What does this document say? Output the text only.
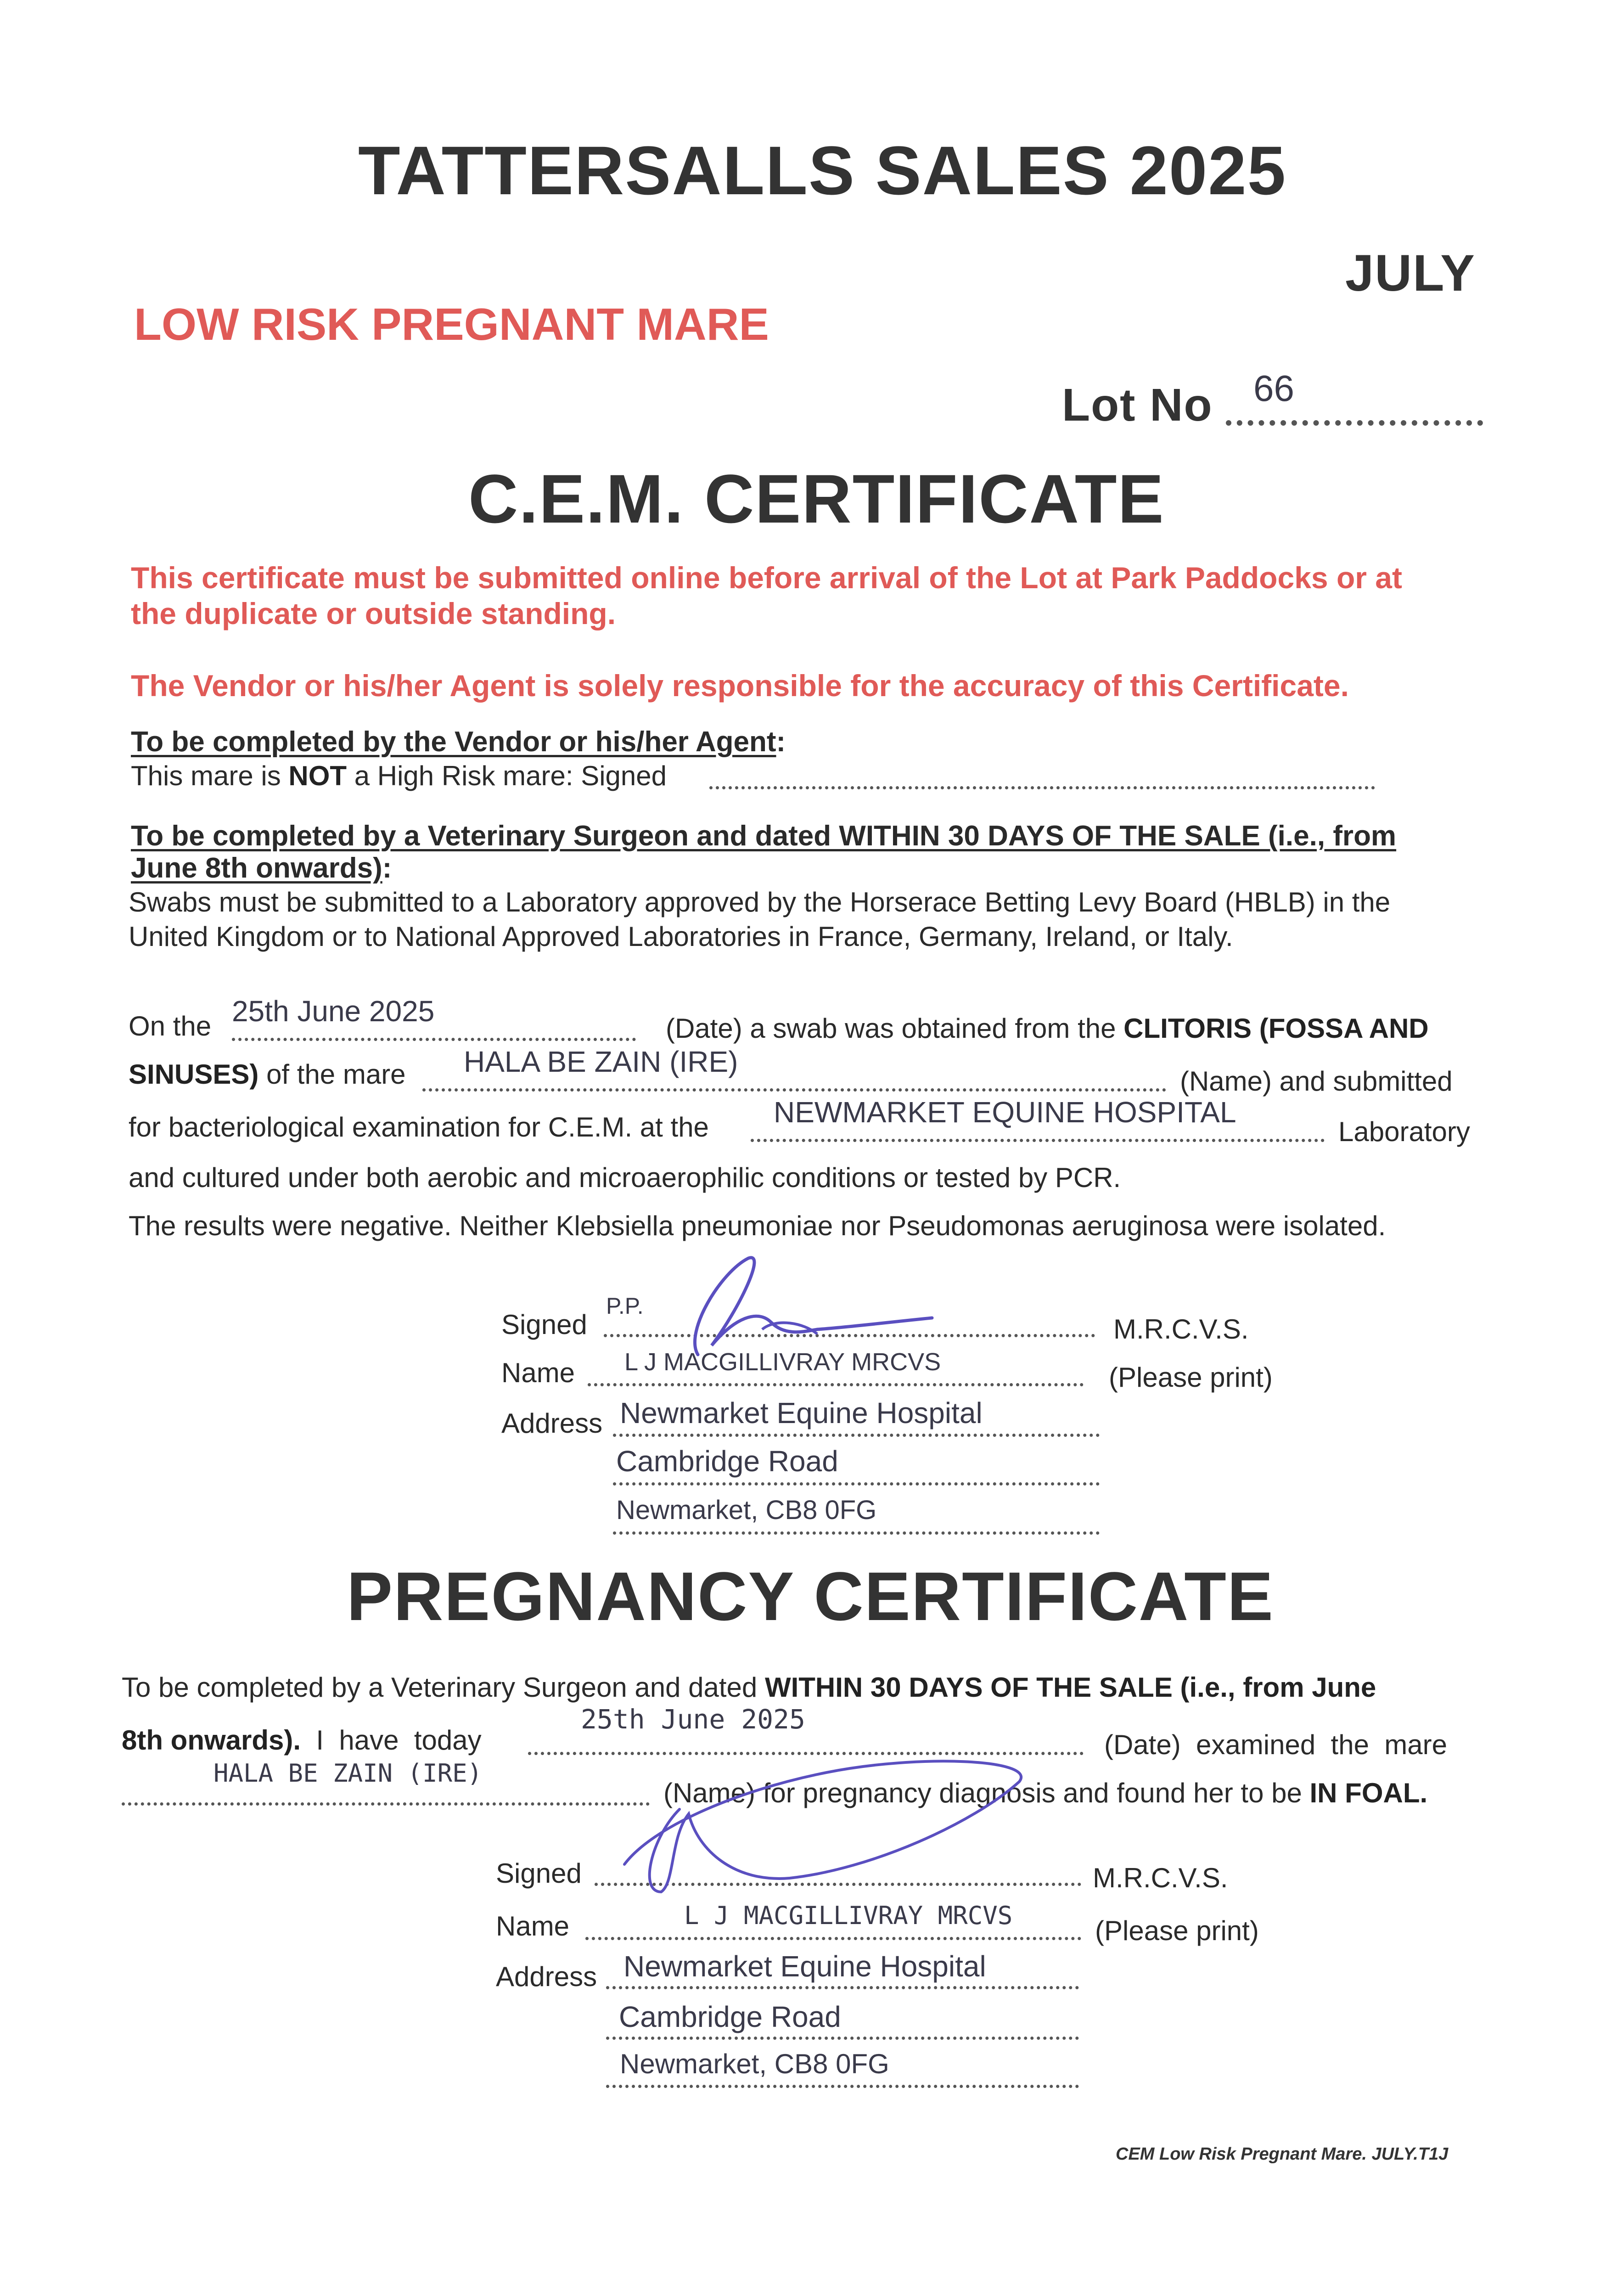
TATTERSALLS SALES 2025
JULY
LOW RISK PREGNANT MARE
Lot No 66
C.E.M. CERTIFICATE
This certificate must be submitted online before arrival of the Lot at Park Paddocks or at
the duplicate or outside standing.
The Vendor or his/her Agent is solely responsible for the accuracy of this Certificate.
To be completed by the Vendor or his/her Agent:
This mare is NOT a High Risk mare: Signed
To be completed by a Veterinary Surgeon and dated WITHIN 30 DAYS OF THE SALE (i.e., from
June 8th onwards):
Swabs must be submitted to a Laboratory approved by the Horserace Betting Levy Board (HBLB) in the
United Kingdom or to National Approved Laboratories in France, Germany, Ireland, or Italy.
On the 25th June 2025
(Date) a swab was obtained from the CLITORIS (FOSSA AND
SINUSES) of the mare HALA BE ZAIN (IRE)
(Name) and submitted
for bacteriological examination for C.E.M. at the NEWMARKET EQUINE HOSPITAL
Laboratory
and cultured under both aerobic and microaerophilic conditions or tested by PCR.
The results were negative. Neither Klebsiella pneumoniae nor Pseudomonas aeruginosa were isolated.
Signed
P.P.
M.R.C.V.S.
Name L J MACGILLIVRAY MRCVS	(Please print)
Address Newmarket Equine Hospital
Cambridge Road
Newmarket, CB8 0FG
PREGNANCY CERTIFICATE
To be completed by a Veterinary Surgeon and dated WITHIN 30 DAYS OF THE SALE (i.e., from June
8th onwards).  I  have  today
25th June 2025
(Date)  examined  the  mare
HALA BE ZAIN (IRE)
(Name) for pregnancy diagnosis and found her to be IN FOAL.
Signed	M.R.C.V.S.
Name	L J MACGILLIVRAY MRCVS	(Please print)
Address Newmarket Equine Hospital
Cambridge Road
Newmarket, CB8 0FG
CEM Low Risk Pregnant Mare. JULY.T1J
